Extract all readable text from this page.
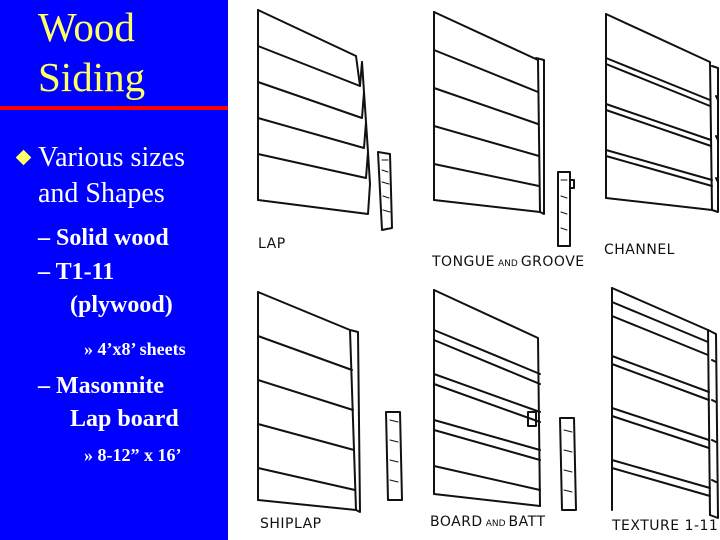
Wood
Siding

Various sizes
and Shapes

– Solid wood

– T1-11
(plywood)

» 4’x8’ sheets

– Masonnite
Lap board

» 8-12” x 16’

LAP
TONGUE AND GROOVE
CHANNEL
SHIPLAP	BOARD AND BATT	TEXTURE 1-11
